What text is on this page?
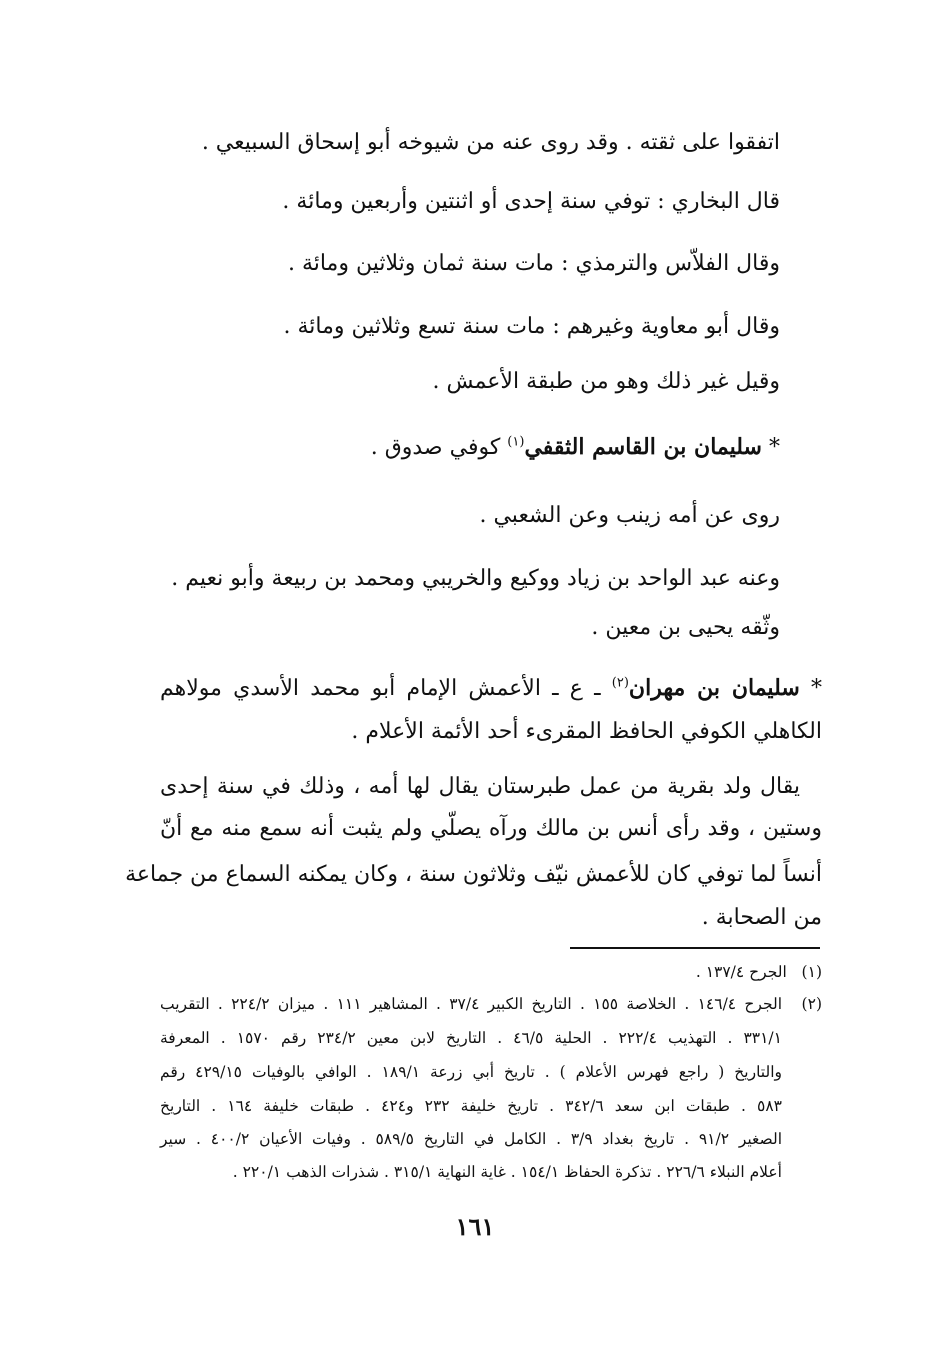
اتفقوا على ثقته . وقد روى عنه من شيوخه أبو إسحاق السبيعي .
قال البخاري : توفي سنة إحدى أو اثنتين وأربعين ومائة .
وقال الفلاّس والترمذي : مات سنة ثمان وثلاثين ومائة .
وقال أبو معاوية وغيرهم : مات سنة تسع وثلاثين ومائة .
وقيل غير ذلك وهو من طبقة الأعمش .
* سليمان بن القاسم الثقفي$^{(١)}$ كوفي صدوق .
روى عن أمه زينب وعن الشعبي .
وعنه عبد الواحد بن زياد ووكيع والخريبي ومحمد بن ربيعة وأبو نعيم .
وثّقه يحيى بن معين .
* سليمان بن مهران$^{(٢)}$ ـ ع ـ الأعمش الإمام أبو محمد الأسدي مولاهم
الكاهلي الكوفي الحافظ المقرىء أحد الأئمة الأعلام .
يقال ولد بقرية من عمل طبرستان يقال لها أمه ، وذلك في سنة إحدى
وستين ، وقد رأى أنس بن مالك ورآه يصلّي ولم يثبت أنه سمع منه مع أنّ
أنساً لما توفي كان للأعمش نيّف وثلاثون سنة ، وكان يمكنه السماع من جماعة
من الصحابة .
(١)   الجرح ١٣٧/٤ .
(٢)
الجرح ١٤٦/٤ . الخلاصة ١٥٥ . التاريخ الكبير ٣٧/٤ . المشاهير ١١١ . ميزان ٢٢٤/٢ . التقريب
٣٣١/١ . التهذيب ٢٢٢/٤ . الحلية ٤٦/٥ . التاريخ لابن معين ٢٣٤/٢ رقم ١٥٧٠ . المعرفة
والتاريخ ( راجع فهرس الأعلام ) . تاريخ أبي زرعة ١٨٩/١ . الوافي بالوفيات ٤٢٩/١٥ رقم
٥٨٣ . طبقات ابن سعد ٣٤٢/٦ . تاريخ خليفة ٢٣٢ و٤٢٤ . طبقات خليفة ١٦٤ . التاريخ
الصغير ٩١/٢ . تاريخ بغداد ٣/٩ . الكامل في التاريخ ٥٨٩/٥ . وفيات الأعيان ٤٠٠/٢ . سير
أعلام النبلاء ٢٢٦/٦ . تذكرة الحفاظ ١٥٤/١ . غاية النهاية ٣١٥/١ . شذرات الذهب ٢٢٠/١ .
١٦١
